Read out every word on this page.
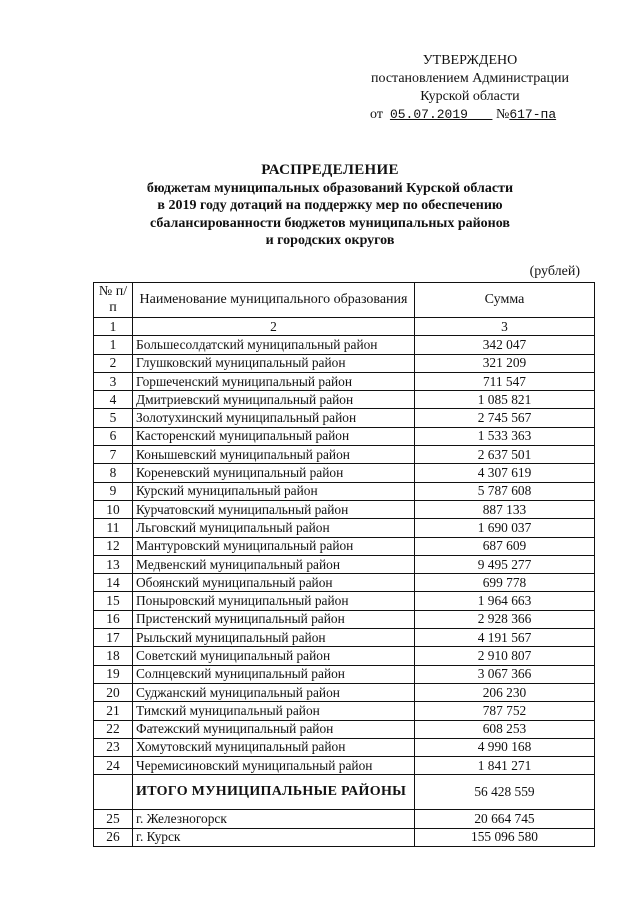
УТВЕРЖДЕНО
постановлением Администрации
Курской области
от 05.07.2019 №617-па
РАСПРЕДЕЛЕНИЕ
бюджетам муниципальных образований Курской области
в 2019 году дотаций на поддержку мер по обеспечению
сбалансированности бюджетов муниципальных районов
и городских округов
(рублей)
№ п/п	Наименование муниципального образования	Сумма
1	2	3
1	Большесолдатский муниципальный район	342 047
2	Глушковский муниципальный район	321 209
3	Горшеченский муниципальный район	711 547
4	Дмитриевский муниципальный район	1 085 821
5	Золотухинский муниципальный район	2 745 567
6	Касторенский муниципальный район	1 533 363
7	Конышевский муниципальный район	2 637 501
8	Кореневский муниципальный район	4 307 619
9	Курский муниципальный район	5 787 608
10	Курчатовский муниципальный район	887 133
11	Льговский муниципальный район	1 690 037
12	Мантуровский муниципальный район	687 609
13	Медвенский муниципальный район	9 495 277
14	Обоянский муниципальный район	699 778
15	Поныровский муниципальный район	1 964 663
16	Пристенский муниципальный район	2 928 366
17	Рыльский муниципальный район	4 191 567
18	Советский муниципальный район	2 910 807
19	Солнцевский муниципальный район	3 067 366
20	Суджанский муниципальный район	206 230
21	Тимский муниципальный район	787 752
22	Фатежский муниципальный район	608 253
23	Хомутовский муниципальный район	4 990 168
24	Черемисиновский муниципальный район	1 841 271
	ИТОГО МУНИЦИПАЛЬНЫЕ РАЙОНЫ	56 428 559
25	г. Железногорск	20 664 745
26	г. Курск	155 096 580
